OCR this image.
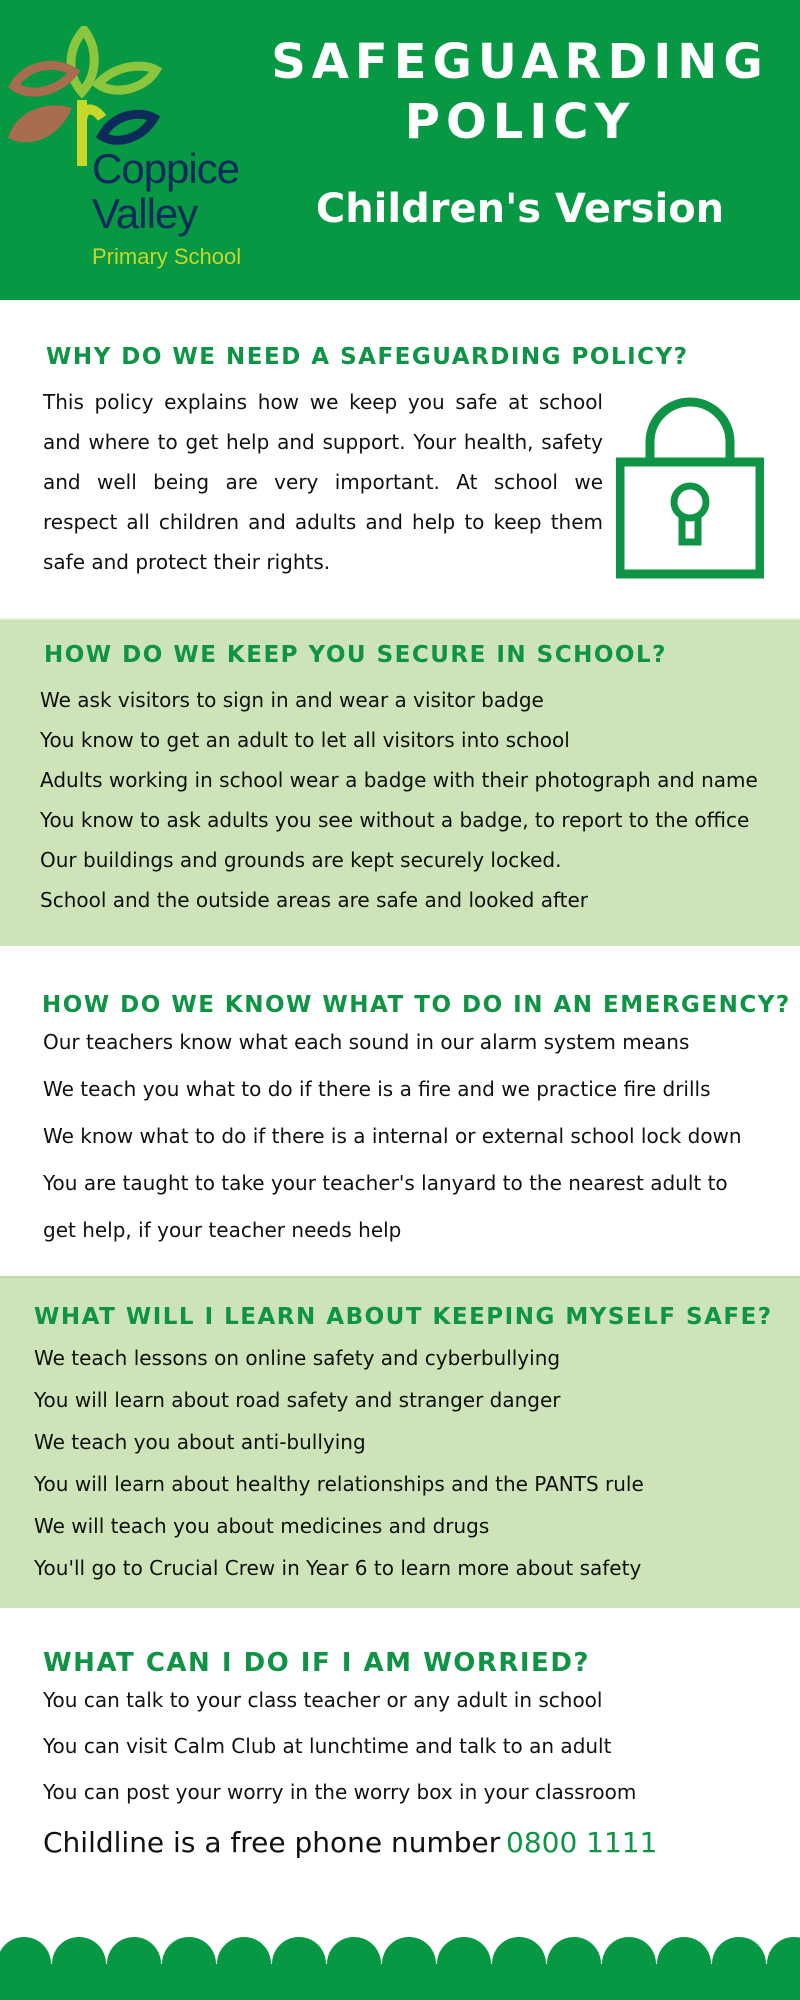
Coppice
Valley
Primary School
SAFEGUARDING
POLICY
Children's Version
WHY DO WE NEED A SAFEGUARDING POLICY?
This policy explains how we keep you safe at school and where to get help and support. Your health, safety and well being are very important. At school we respect all children and adults and help to keep them safe and protect their rights.
HOW DO WE KEEP YOU SECURE IN SCHOOL?
We ask visitors to sign in and wear a visitor badge
You know to get an adult to let all visitors into school
Adults working in school wear a badge with their photograph and name
You know to ask adults you see without a badge, to report to the office
Our buildings and grounds are kept securely locked.
School and the outside areas are safe and looked after
HOW DO WE KNOW WHAT TO DO IN AN EMERGENCY?
Our teachers know what each sound in our alarm system means
We teach you what to do if there is a fire and we practice fire drills
We know what to do if there is a internal or external school lock down
You are taught to take your teacher's lanyard to the nearest adult to
get help, if your teacher needs help
WHAT WILL I LEARN ABOUT KEEPING MYSELF SAFE?
We teach lessons on online safety and cyberbullying
You will learn about road safety and stranger danger
We teach you about anti-bullying
You will learn about healthy relationships and the PANTS rule
We will teach you about medicines and drugs
You'll go to Crucial Crew in Year 6 to learn more about safety
WHAT CAN I DO IF I AM WORRIED?
You can talk to your class teacher or any adult in school
You can visit Calm Club at lunchtime and talk to an adult
You can post your worry in the worry box in your classroom
Childline is a free phone number 0800 1111
